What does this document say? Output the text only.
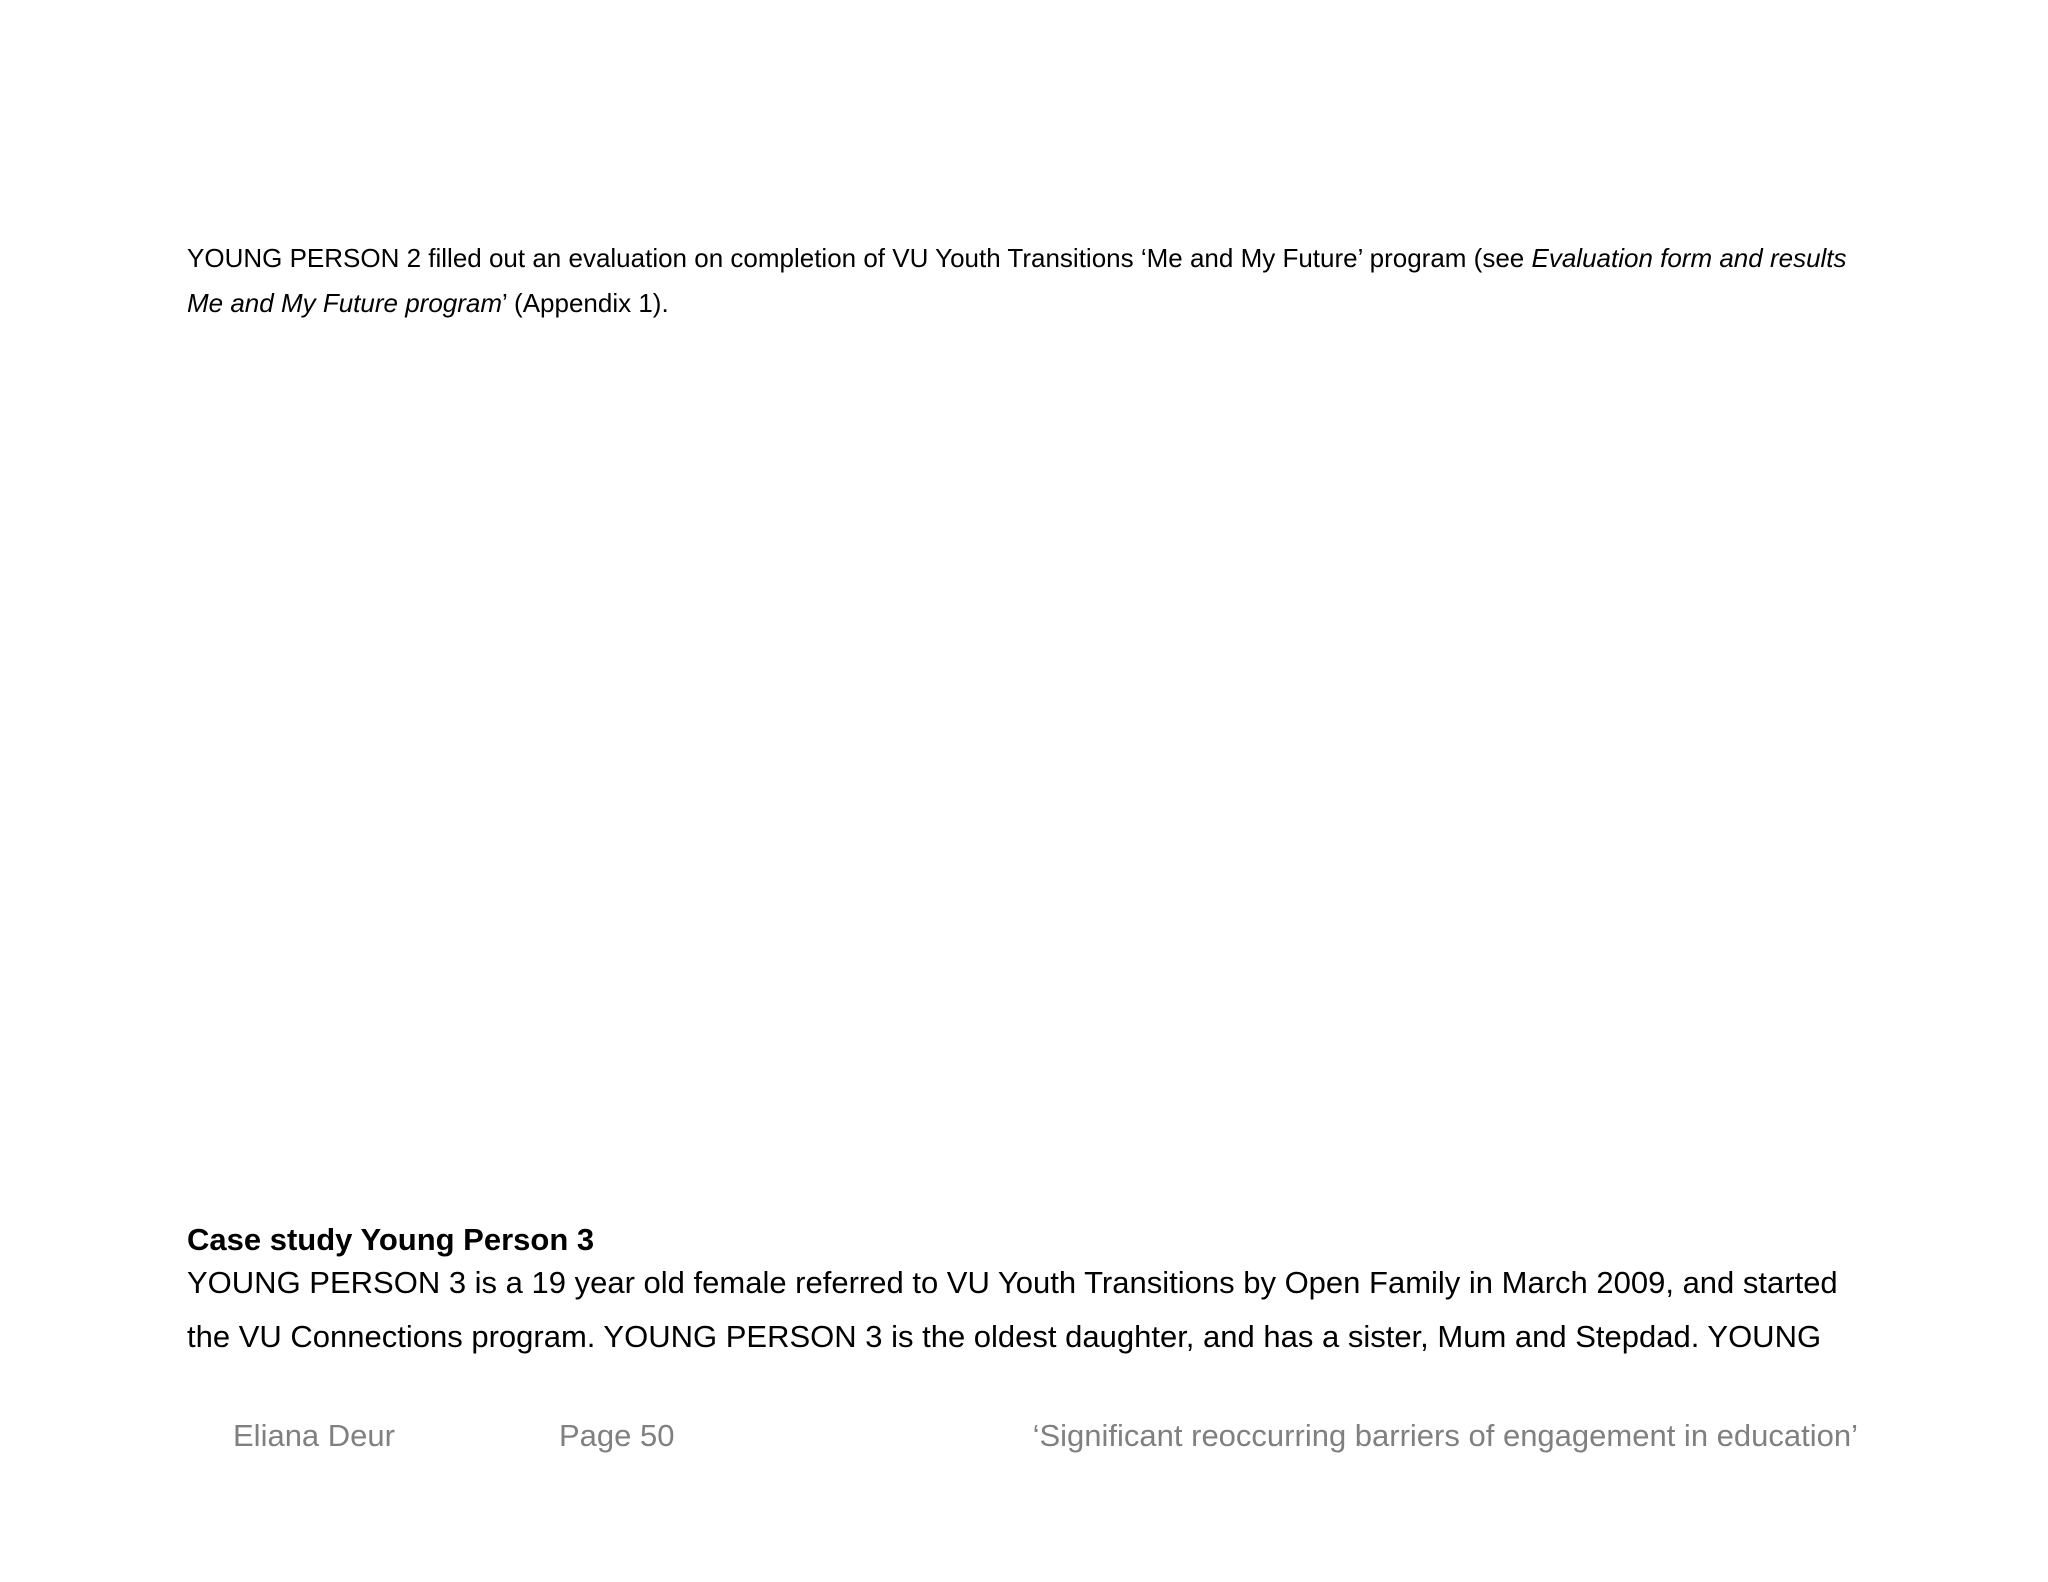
YOUNG PERSON 2 filled out an evaluation on completion of VU Youth Transitions ‘Me and My Future’ program (see Evaluation form and results Me and My Future program’ (Appendix 1).

Case study Young Person 3

YOUNG PERSON 3 is a 19 year old female referred to VU Youth Transitions by Open Family in March 2009, and started
the VU Connections program. YOUNG PERSON 3 is the oldest daughter, and has a sister, Mum and Stepdad. YOUNG

Eliana Deur	Page 50	‘Significant reoccurring barriers of engagement in education’
